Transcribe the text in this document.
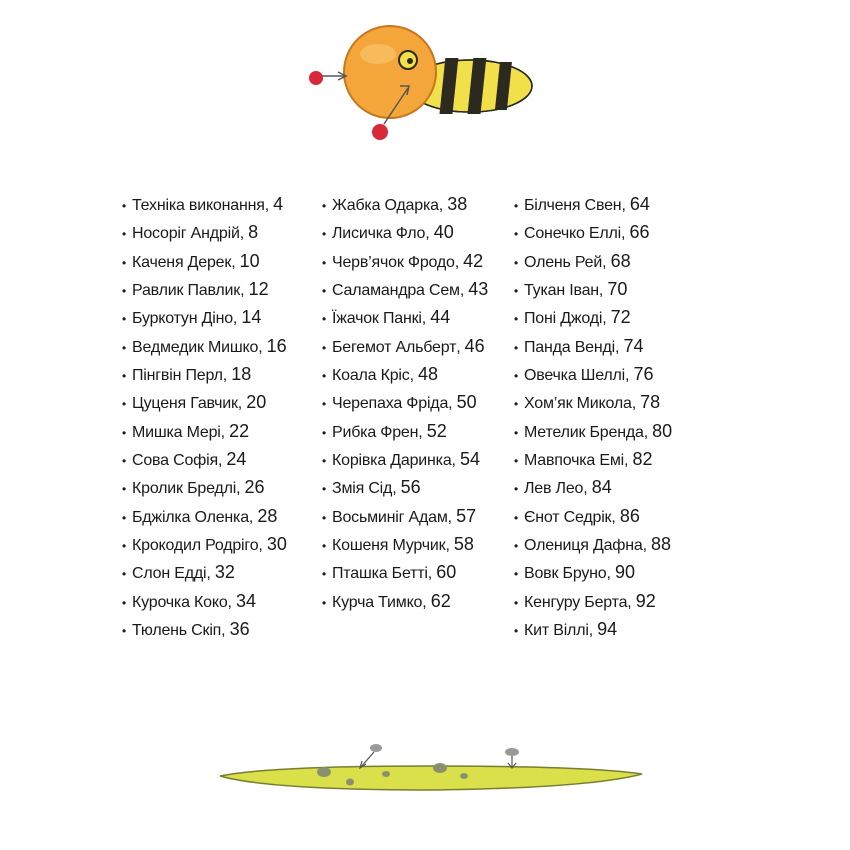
• Техніка виконання , 4
• Носоріг Андрій , 8
• Каченя Дерек , 10
• Равлик Павлик , 12
• Буркотун Діно , 14
• Ведмедик Мишко , 16
• Пінгвін Перл , 18
• Цуценя Гавчик , 20
• Мишка Мері , 22
• Сова Софія , 24
• Кролик Бредлі , 26
• Бджілка Оленка , 28
• Крокодил Родріго , 30
• Слон Едді , 32
• Курочка Коко , 34
• Тюлень Скіп , 36
• Жабка Одарка , 38
• Лисичка Фло , 40
• Черв’ячок Фродо , 42
• Саламандра Сем , 43
• Їжачок Панкі , 44
• Бегемот Альберт , 46
• Коала Кріс , 48
• Черепаха Фріда , 50
• Рибка Френ , 52
• Корівка Даринка , 54
• Змія Сід , 56
• Восьминіг Адам , 57
• Кошеня Мурчик , 58
• Пташка Бетті , 60
• Курча Тимко , 62
• Білченя Свен , 64
• Сонечко Еллі , 66
• Олень Рей , 68
• Тукан Іван , 70
• Поні Джоді , 72
• Панда Венді , 74
• Овечка Шеллі , 76
• Хом’як Микола , 78
• Метелик Бренда , 80
• Мавпочка Емі , 82
• Лев Лео , 84
• Єнот Седрік , 86
• Олениця Дафна , 88
• Вовк Бруно , 90
• Кенгуру Берта , 92
• Кит Віллі , 94
